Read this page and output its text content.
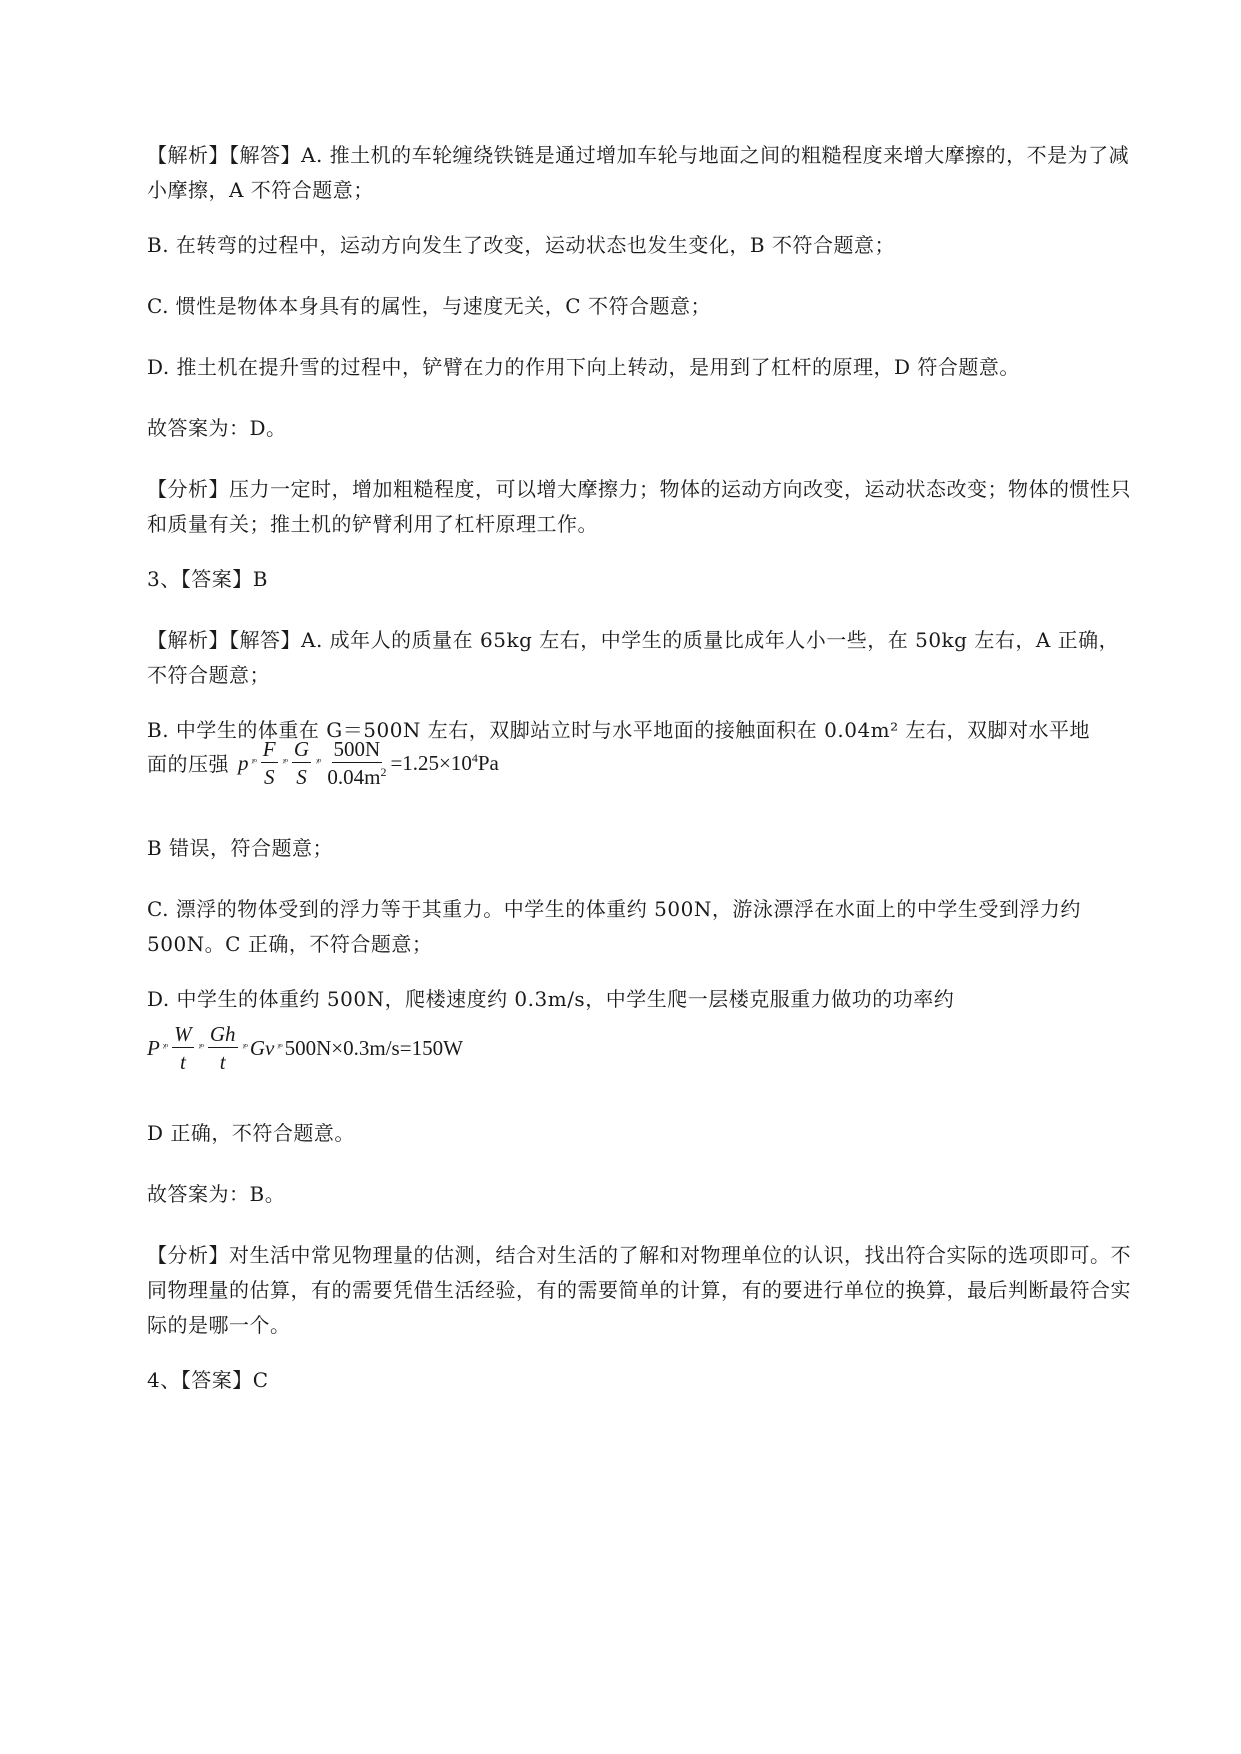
【解析】【解答】A. 推土机的车轮缠绕铁链是通过增加车轮与地面之间的粗糙程度来增大摩擦的，不是为了减小摩擦，A 不符合题意；

B. 在转弯的过程中，运动方向发生了改变，运动状态也发生变化，B 不符合题意；

C. 惯性是物体本身具有的属性，与速度无关，C 不符合题意；

D. 推土机在提升雪的过程中，铲臂在力的作用下向上转动，是用到了杠杆的原理，D 符合题意。

故答案为：D。

【分析】压力一定时，增加粗糙程度，可以增大摩擦力；物体的运动方向改变，运动状态改变；物体的惯性只和质量有关；推土机的铲臂利用了杠杆原理工作。

3、【答案】B

【解析】【解答】A. 成年人的质量在 65kg 左右，中学生的质量比成年人小一些，在 50kg 左右，A 正确，不符合题意；

B. 中学生的体重在 G＝500N 左右，双脚站立时与水平地面的接触面积在 0.04m² 左右，双脚对水平地

面的压强 p ᵡᵒ $\frac{F}{S}$ ᵡᵒ $\frac{G}{S}$ ᵡᵒ $\frac{500N}{0.04m^2} =1.25\times 10^4Pa$

B 错误，符合题意；

C. 漂浮的物体受到的浮力等于其重力。中学生的体重约 500N，游泳漂浮在水面上的中学生受到浮力约 500N。C 正确，不符合题意；

D. 中学生的体重约 500N，爬楼速度约 0.3m/s，中学生爬一层楼克服重力做功的功率约

P ᵡᵒ $\frac{W}{t}$ ᵡᵒ $\frac{Gh}{t}$ ᵡᵒ Gv ᵡᵒ 500N×0.3m/s=150W

D 正确，不符合题意。

故答案为：B。

【分析】对生活中常见物理量的估测，结合对生活的了解和对物理单位的认识，找出符合实际的选项即可。不同物理量的估算，有的需要凭借生活经验，有的需要简单的计算，有的要进行单位的换算，最后判断最符合实际的是哪一个。

4、【答案】C
